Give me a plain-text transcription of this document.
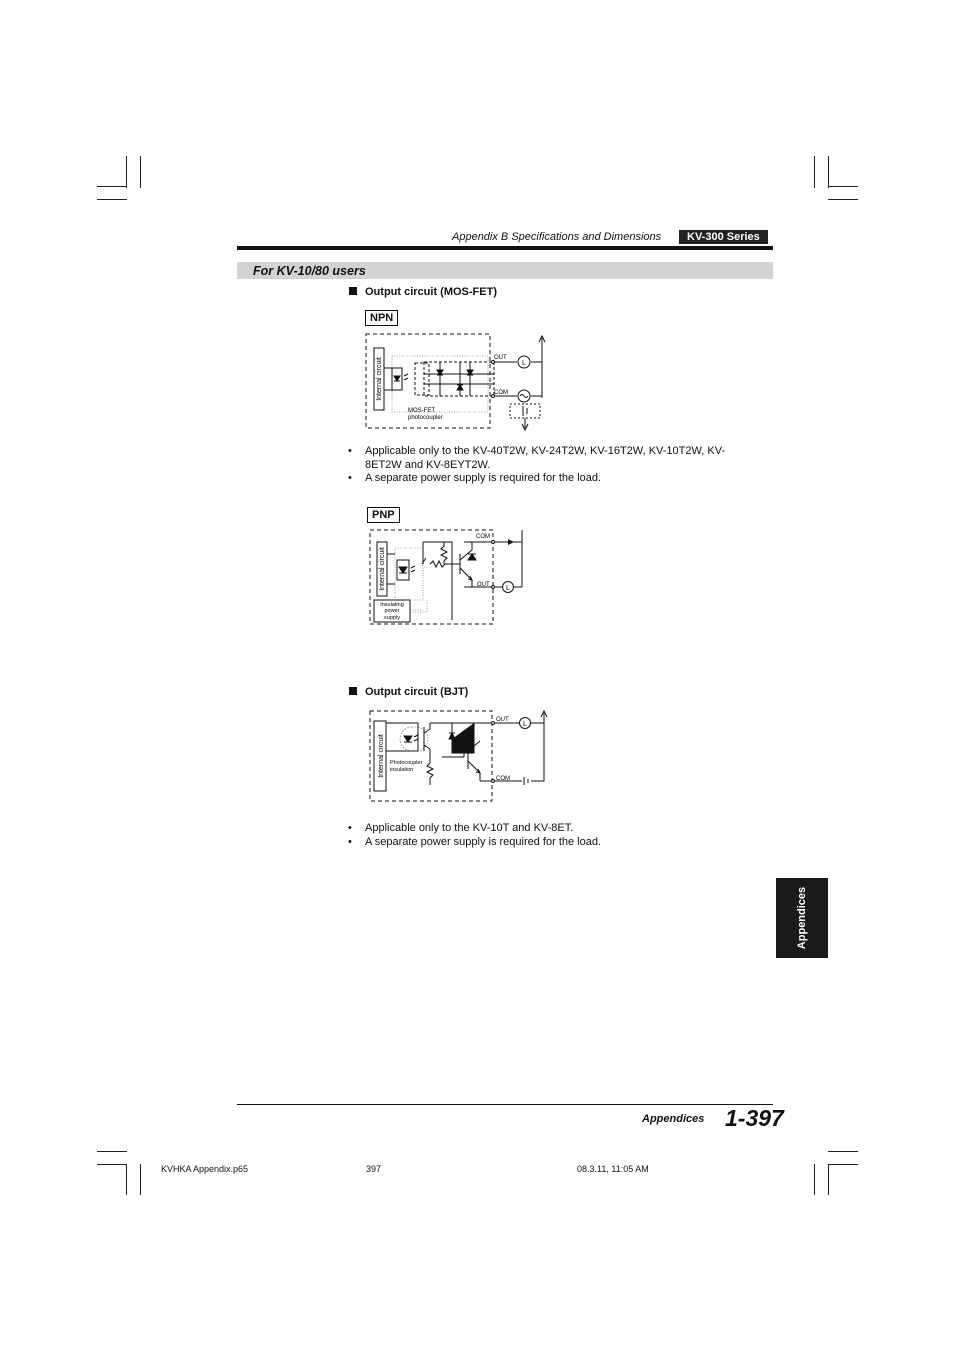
Appendix B Specifications and Dimensions	KV-300 Series
For KV-10/80 users
Output circuit (MOS-FET)
NPN
Internal circuit	OUT
COM
L
MOS-FET
photocoupler
•	Applicable only to the KV-40T2W, KV-24T2W, KV-16T2W, KV-10T2W, KV-8ET2W and KV-8EYT2W.
•	A separate power supply is required for the load.
PNP
Internal circuit
COM
OUT L
Insulating
power
supply
Output circuit (BJT)
Internal circuit
OUT
COM
L
Photocoupler
insulation
•	Applicable only to the KV-10T and KV-8ET.
•	A separate power supply is required for the load.
Appendices
Appendices 1-397
KVHKA Appendix.p65	397	08.3.11, 11:05 AM
